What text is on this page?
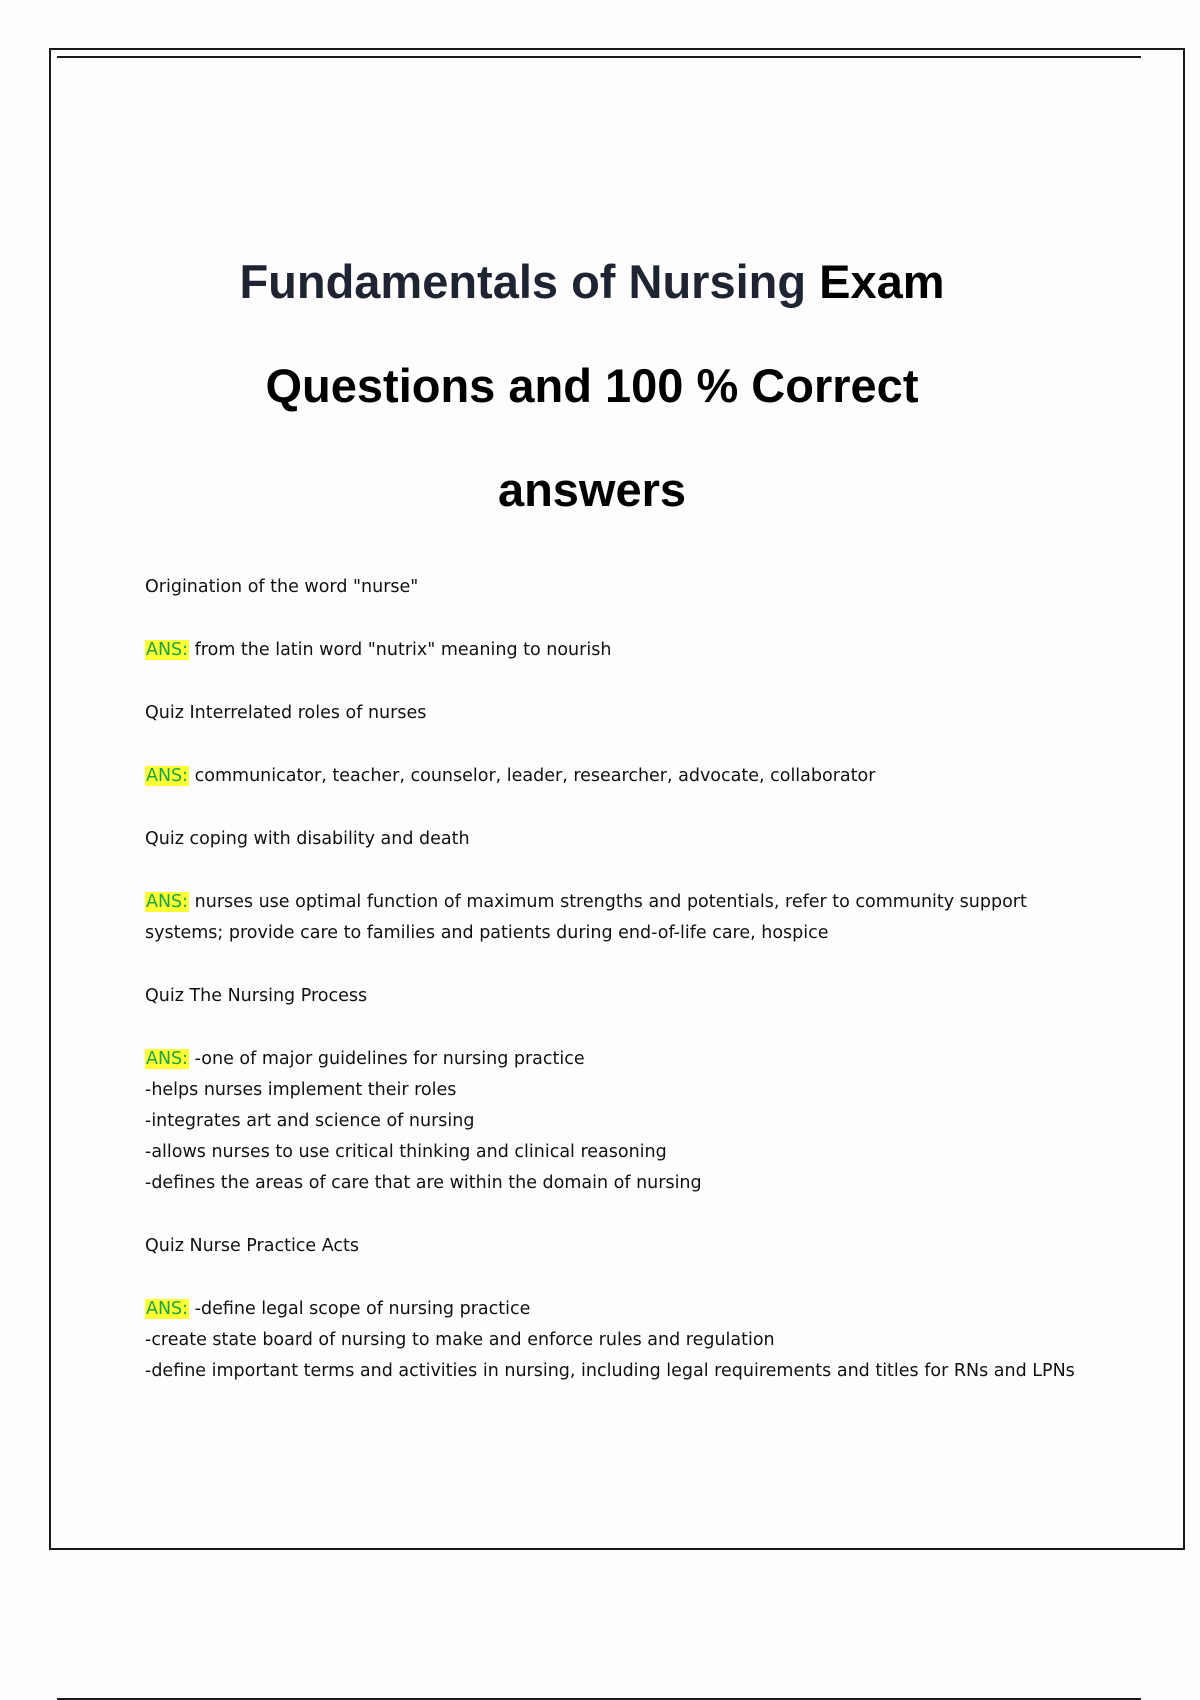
Fundamentals of Nursing Exam
Questions and 100 % Correct
answers

Origination of the word "nurse"

ANS: from the latin word "nutrix" meaning to nourish

Quiz Interrelated roles of nurses

ANS: communicator, teacher, counselor, leader, researcher, advocate, collaborator

Quiz coping with disability and death

ANS: nurses use optimal function of maximum strengths and potentials, refer to community support systems; provide care to families and patients during end-of-life care, hospice

Quiz The Nursing Process

ANS: -one of major guidelines for nursing practice
-helps nurses implement their roles
-integrates art and science of nursing
-allows nurses to use critical thinking and clinical reasoning
-defines the areas of care that are within the domain of nursing

Quiz Nurse Practice Acts

ANS: -define legal scope of nursing practice
-create state board of nursing to make and enforce rules and regulation
-define important terms and activities in nursing, including legal requirements and titles for RNs and LPNs
